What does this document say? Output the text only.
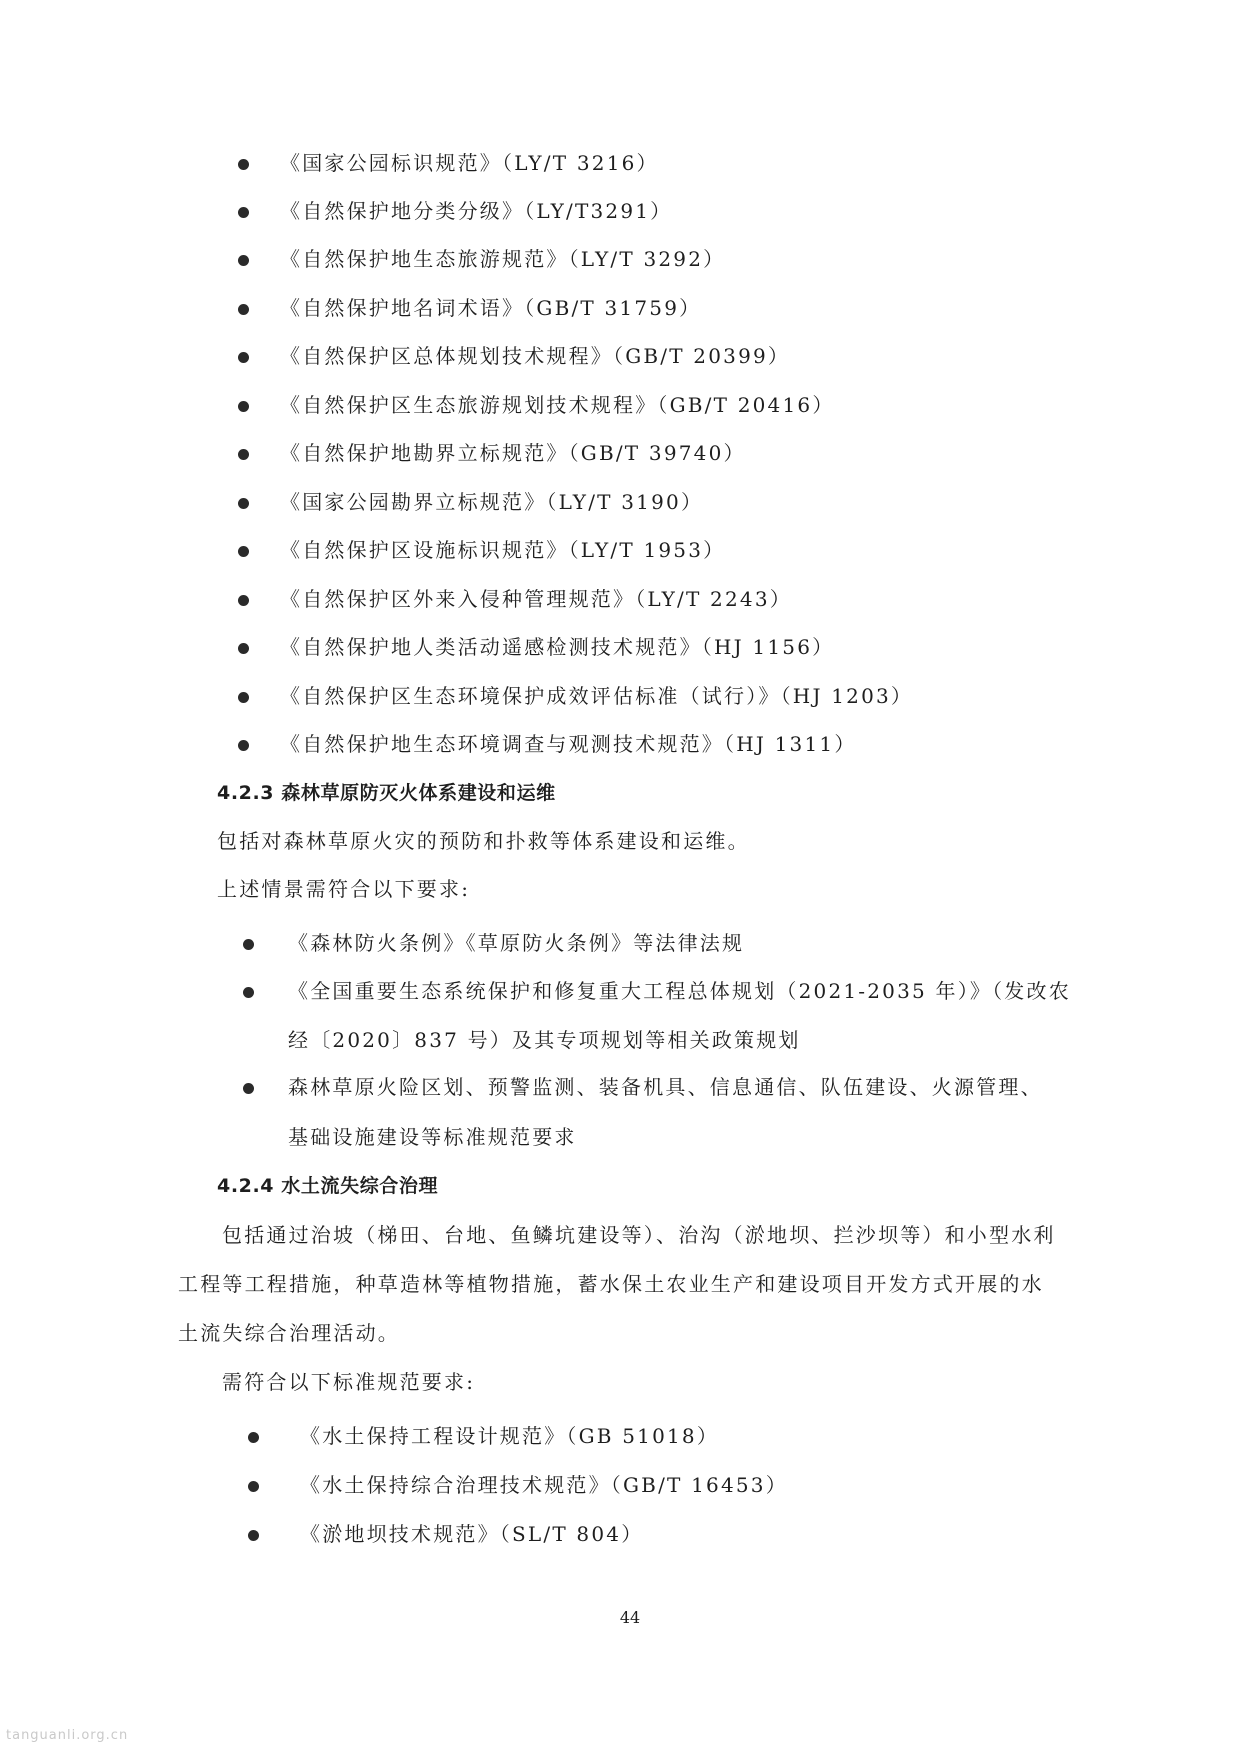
《国家公园标识规范》（LY/T 3216）
《自然保护地分类分级》（LY/T3291）
《自然保护地生态旅游规范》（LY/T 3292）
《自然保护地名词术语》（GB/T 31759）
《自然保护区总体规划技术规程》（GB/T 20399）
《自然保护区生态旅游规划技术规程》（GB/T 20416）
《自然保护地勘界立标规范》（GB/T 39740）
《国家公园勘界立标规范》（LY/T 3190）
《自然保护区设施标识规范》（LY/T 1953）
《自然保护区外来入侵种管理规范》（LY/T 2243）
《自然保护地人类活动遥感检测技术规范》（HJ 1156）
《自然保护区生态环境保护成效评估标准（试行）》（HJ 1203）
《自然保护地生态环境调查与观测技术规范》（HJ 1311）
4.2.3 森林草原防灭火体系建设和运维
包括对森林草原火灾的预防和扑救等体系建设和运维。
上述情景需符合以下要求:
《森林防火条例》《草原防火条例》等法律法规
《全国重要生态系统保护和修复重大工程总体规划（2021-2035 年）》（发改农
经〔2020〕837 号）及其专项规划等相关政策规划
森林草原火险区划、预警监测、装备机具、信息通信、队伍建设、火源管理、
基础设施建设等标准规范要求
4.2.4 水土流失综合治理
包括通过治坡（梯田、台地、鱼鳞坑建设等）、治沟（淤地坝、拦沙坝等）和小型水利
工程等工程措施，种草造林等植物措施，蓄水保土农业生产和建设项目开发方式开展的水
土流失综合治理活动。
需符合以下标准规范要求:
《水土保持工程设计规范》（GB 51018）
《水土保持综合治理技术规范》（GB/T 16453）
《淤地坝技术规范》（SL/T 804）
44
tanguanli.org.cn
